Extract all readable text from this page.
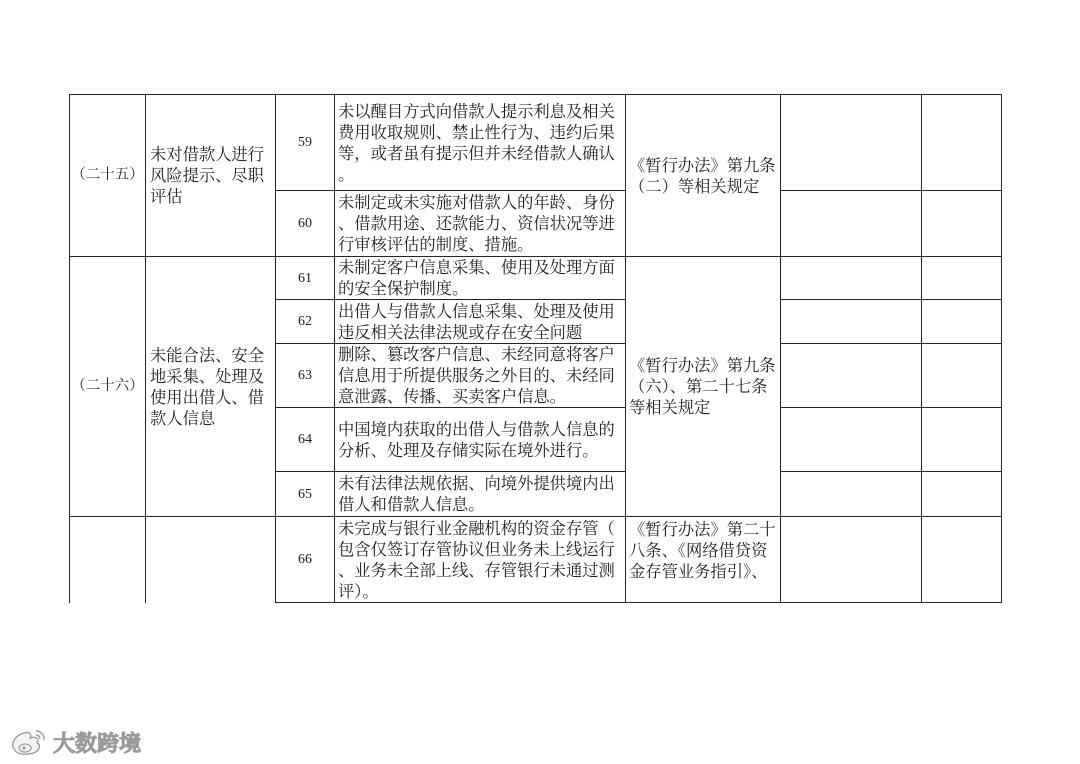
（二十五）	未对借款人进行风险提示、尽职评估	59	未以醒目方式向借款人提示利息及相关费用收取规则、禁止性行为、违约后果等，或者虽有提示但并未经借款人确认。	《暂行办法》第九条（二）等相关规定		
		60	未制定或未实施对借款人的年龄、身份、借款用途、还款能力、资信状况等进行审核评估的制度、措施。			
（二十六）	未能合法、安全地采集、处理及使用出借人、借款人信息	61	未制定客户信息采集、使用及处理方面的安全保护制度。	《暂行办法》第九条（六）、第二十七条等相关规定		
		62	出借人与借款人信息采集、处理及使用违反相关法律法规或存在安全问题			
		63	删除、篡改客户信息、未经同意将客户信息用于所提供服务之外目的、未经同意泄露、传播、买卖客户信息。			
		64	中国境内获取的出借人与借款人信息的分析、处理及存储实际在境外进行。			
		65	未有法律法规依据、向境外提供境内出借人和借款人信息。			
		66	未完成与银行业金融机构的资金存管（包含仅签订存管协议但业务未上线运行、业务未全部上线、存管银行未通过测评）。	《暂行办法》第二十八条、《网络借贷资金存管业务指引》、		
大数跨境
